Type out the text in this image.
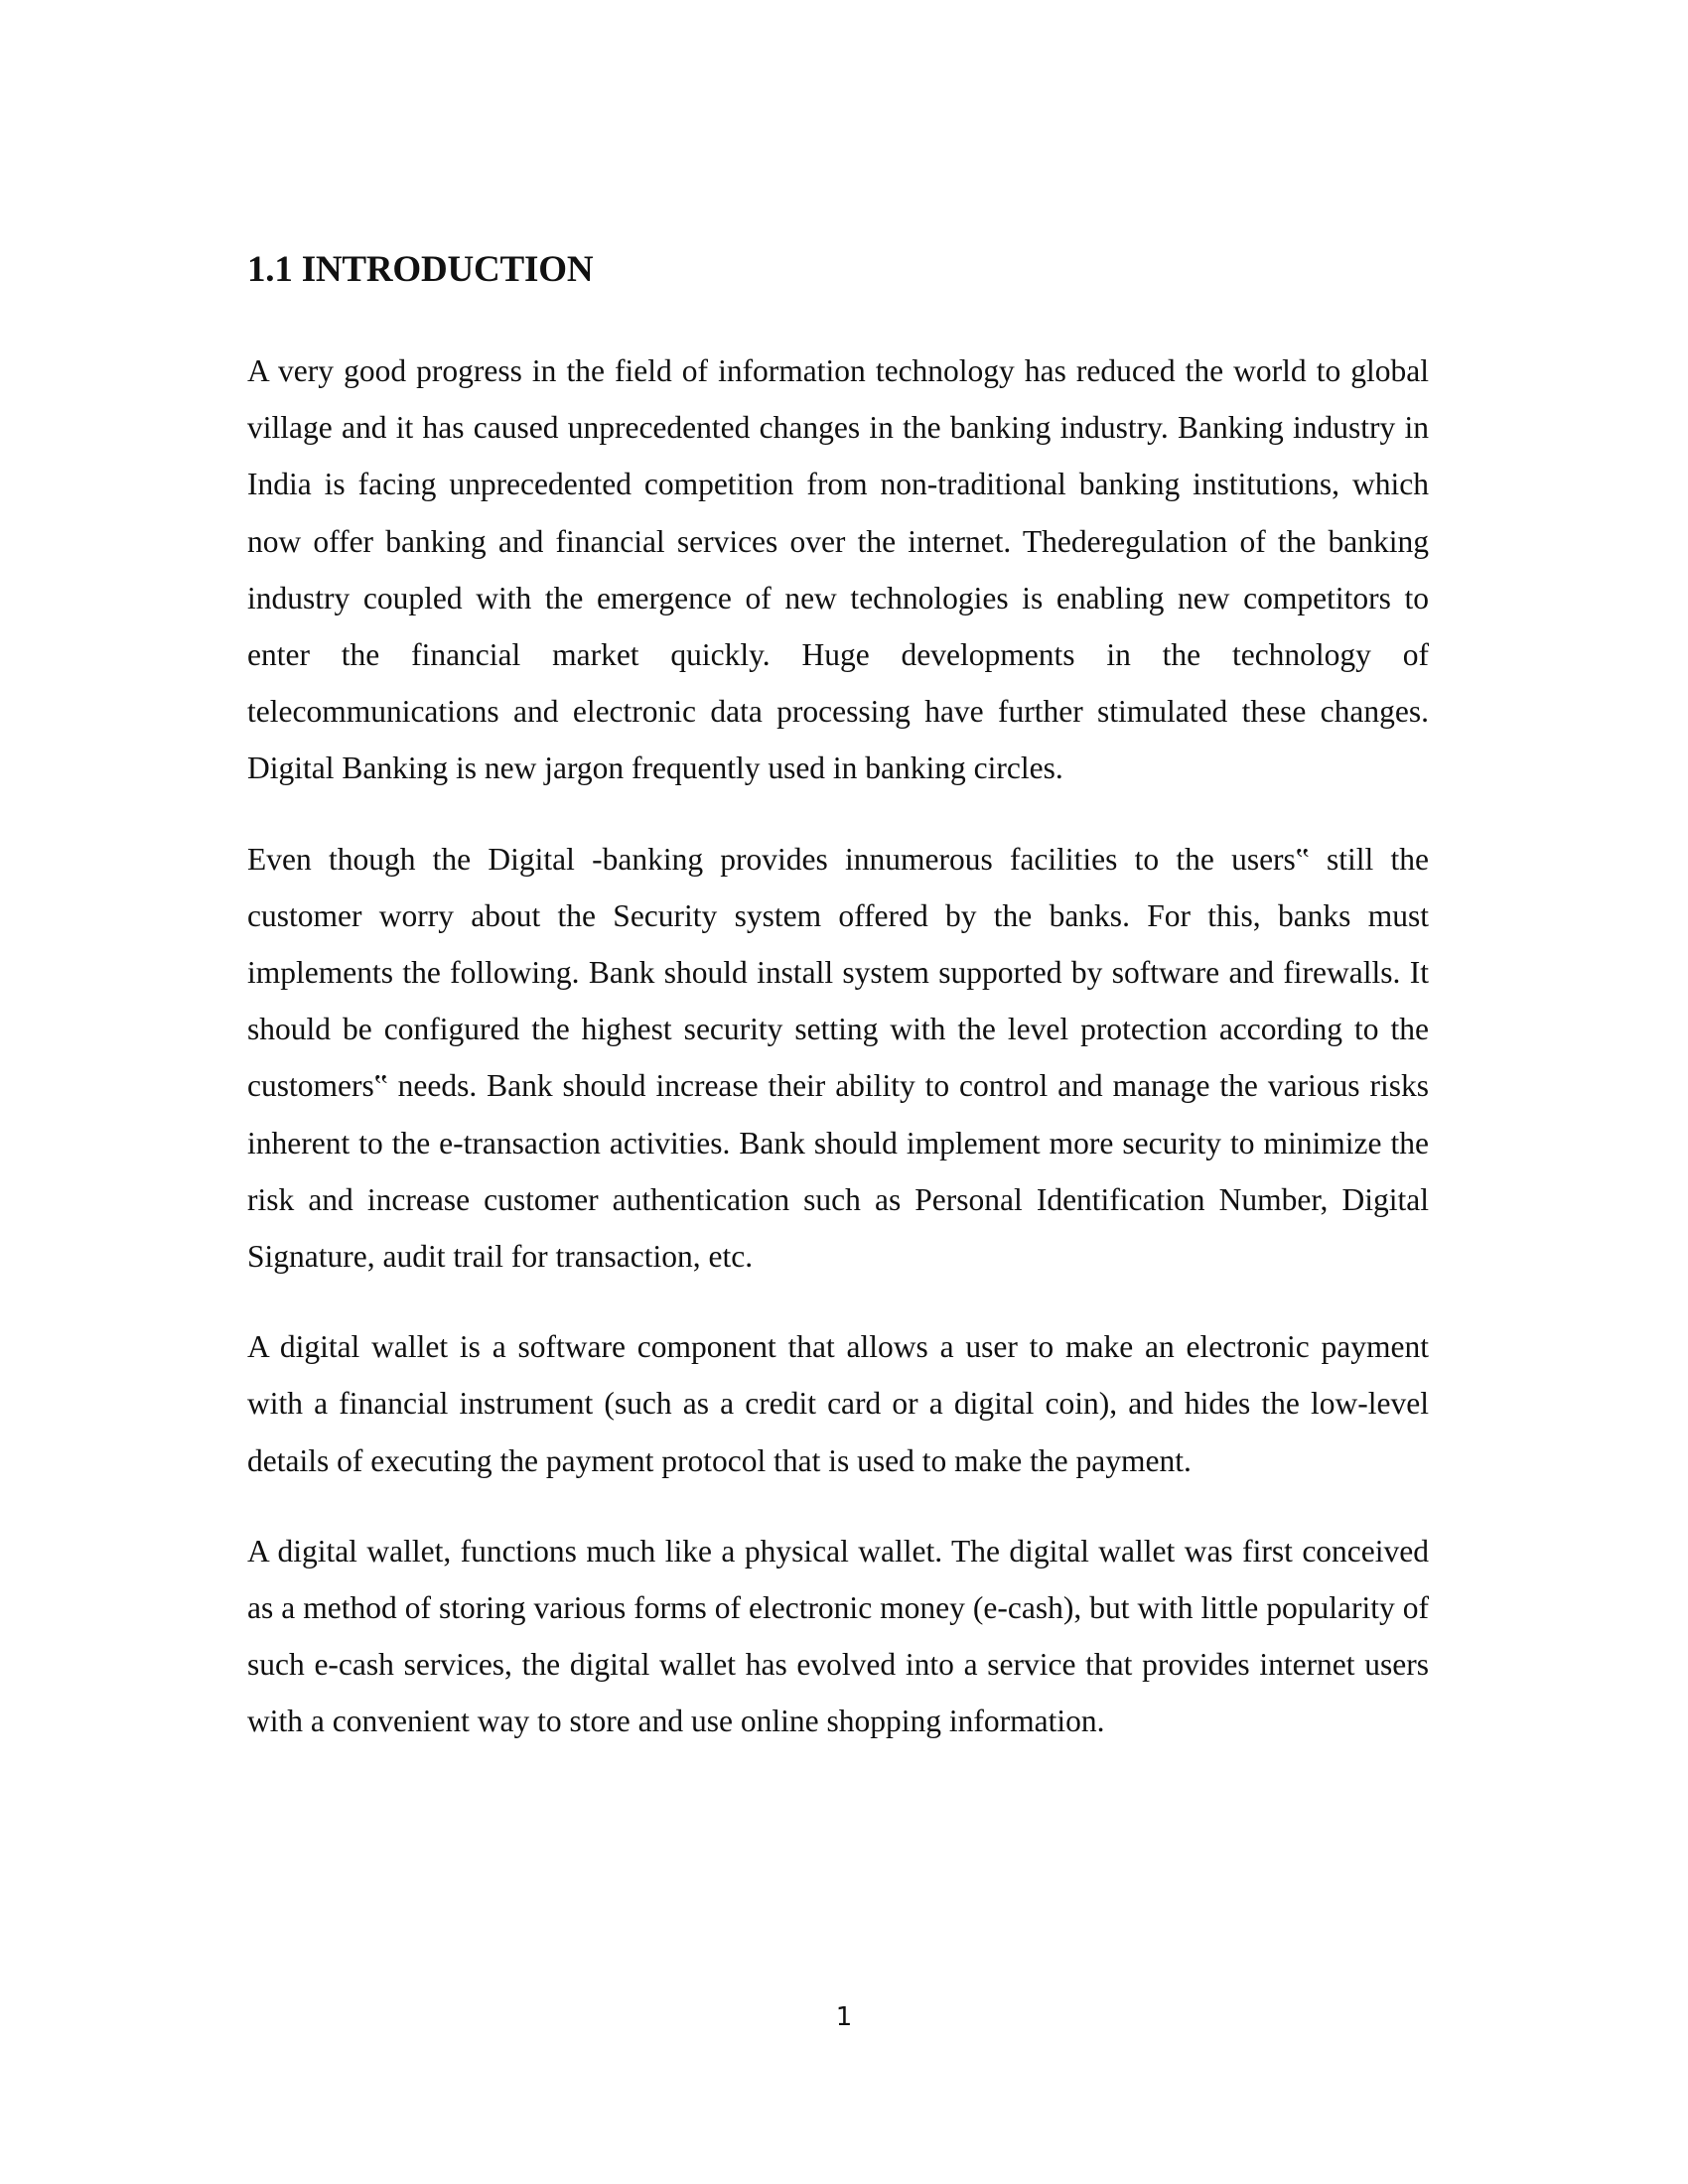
1.1 INTRODUCTION

A very good progress in the field of information technology has reduced the world to global village and it has caused unprecedented changes in the banking industry. Banking industry in India is facing unprecedented competition from non-traditional banking institutions, which now offer banking and financial services over the internet. Thederegulation of the banking industry coupled with the emergence of new technologies is enabling new competitors to enter the financial market quickly. Huge developments in the technology of telecommunications and electronic data processing have further stimulated these changes. Digital Banking is new jargon frequently used in banking circles.

Even though the Digital -banking provides innumerous facilities to the users‟ still the customer worry about the Security system offered by the banks. For this, banks must implements the following. Bank should install system supported by software and firewalls. It should be configured the highest security setting with the level protection according to the customers‟ needs. Bank should increase their ability to control and manage the various risks inherent to the e-transaction activities. Bank should implement more security to minimize the risk and increase customer authentication such as Personal Identification Number, Digital Signature, audit trail for transaction, etc.

A digital wallet is a software component that allows a user to make an electronic payment with a financial instrument (such as a credit card or a digital coin), and hides the low-level details of executing the payment protocol that is used to make the payment.

A digital wallet, functions much like a physical wallet. The digital wallet was first conceived as a method of storing various forms of electronic money (e-cash), but with little popularity of such e-cash services, the digital wallet has evolved into a service that provides internet users with a convenient way to store and use online shopping information.

1
